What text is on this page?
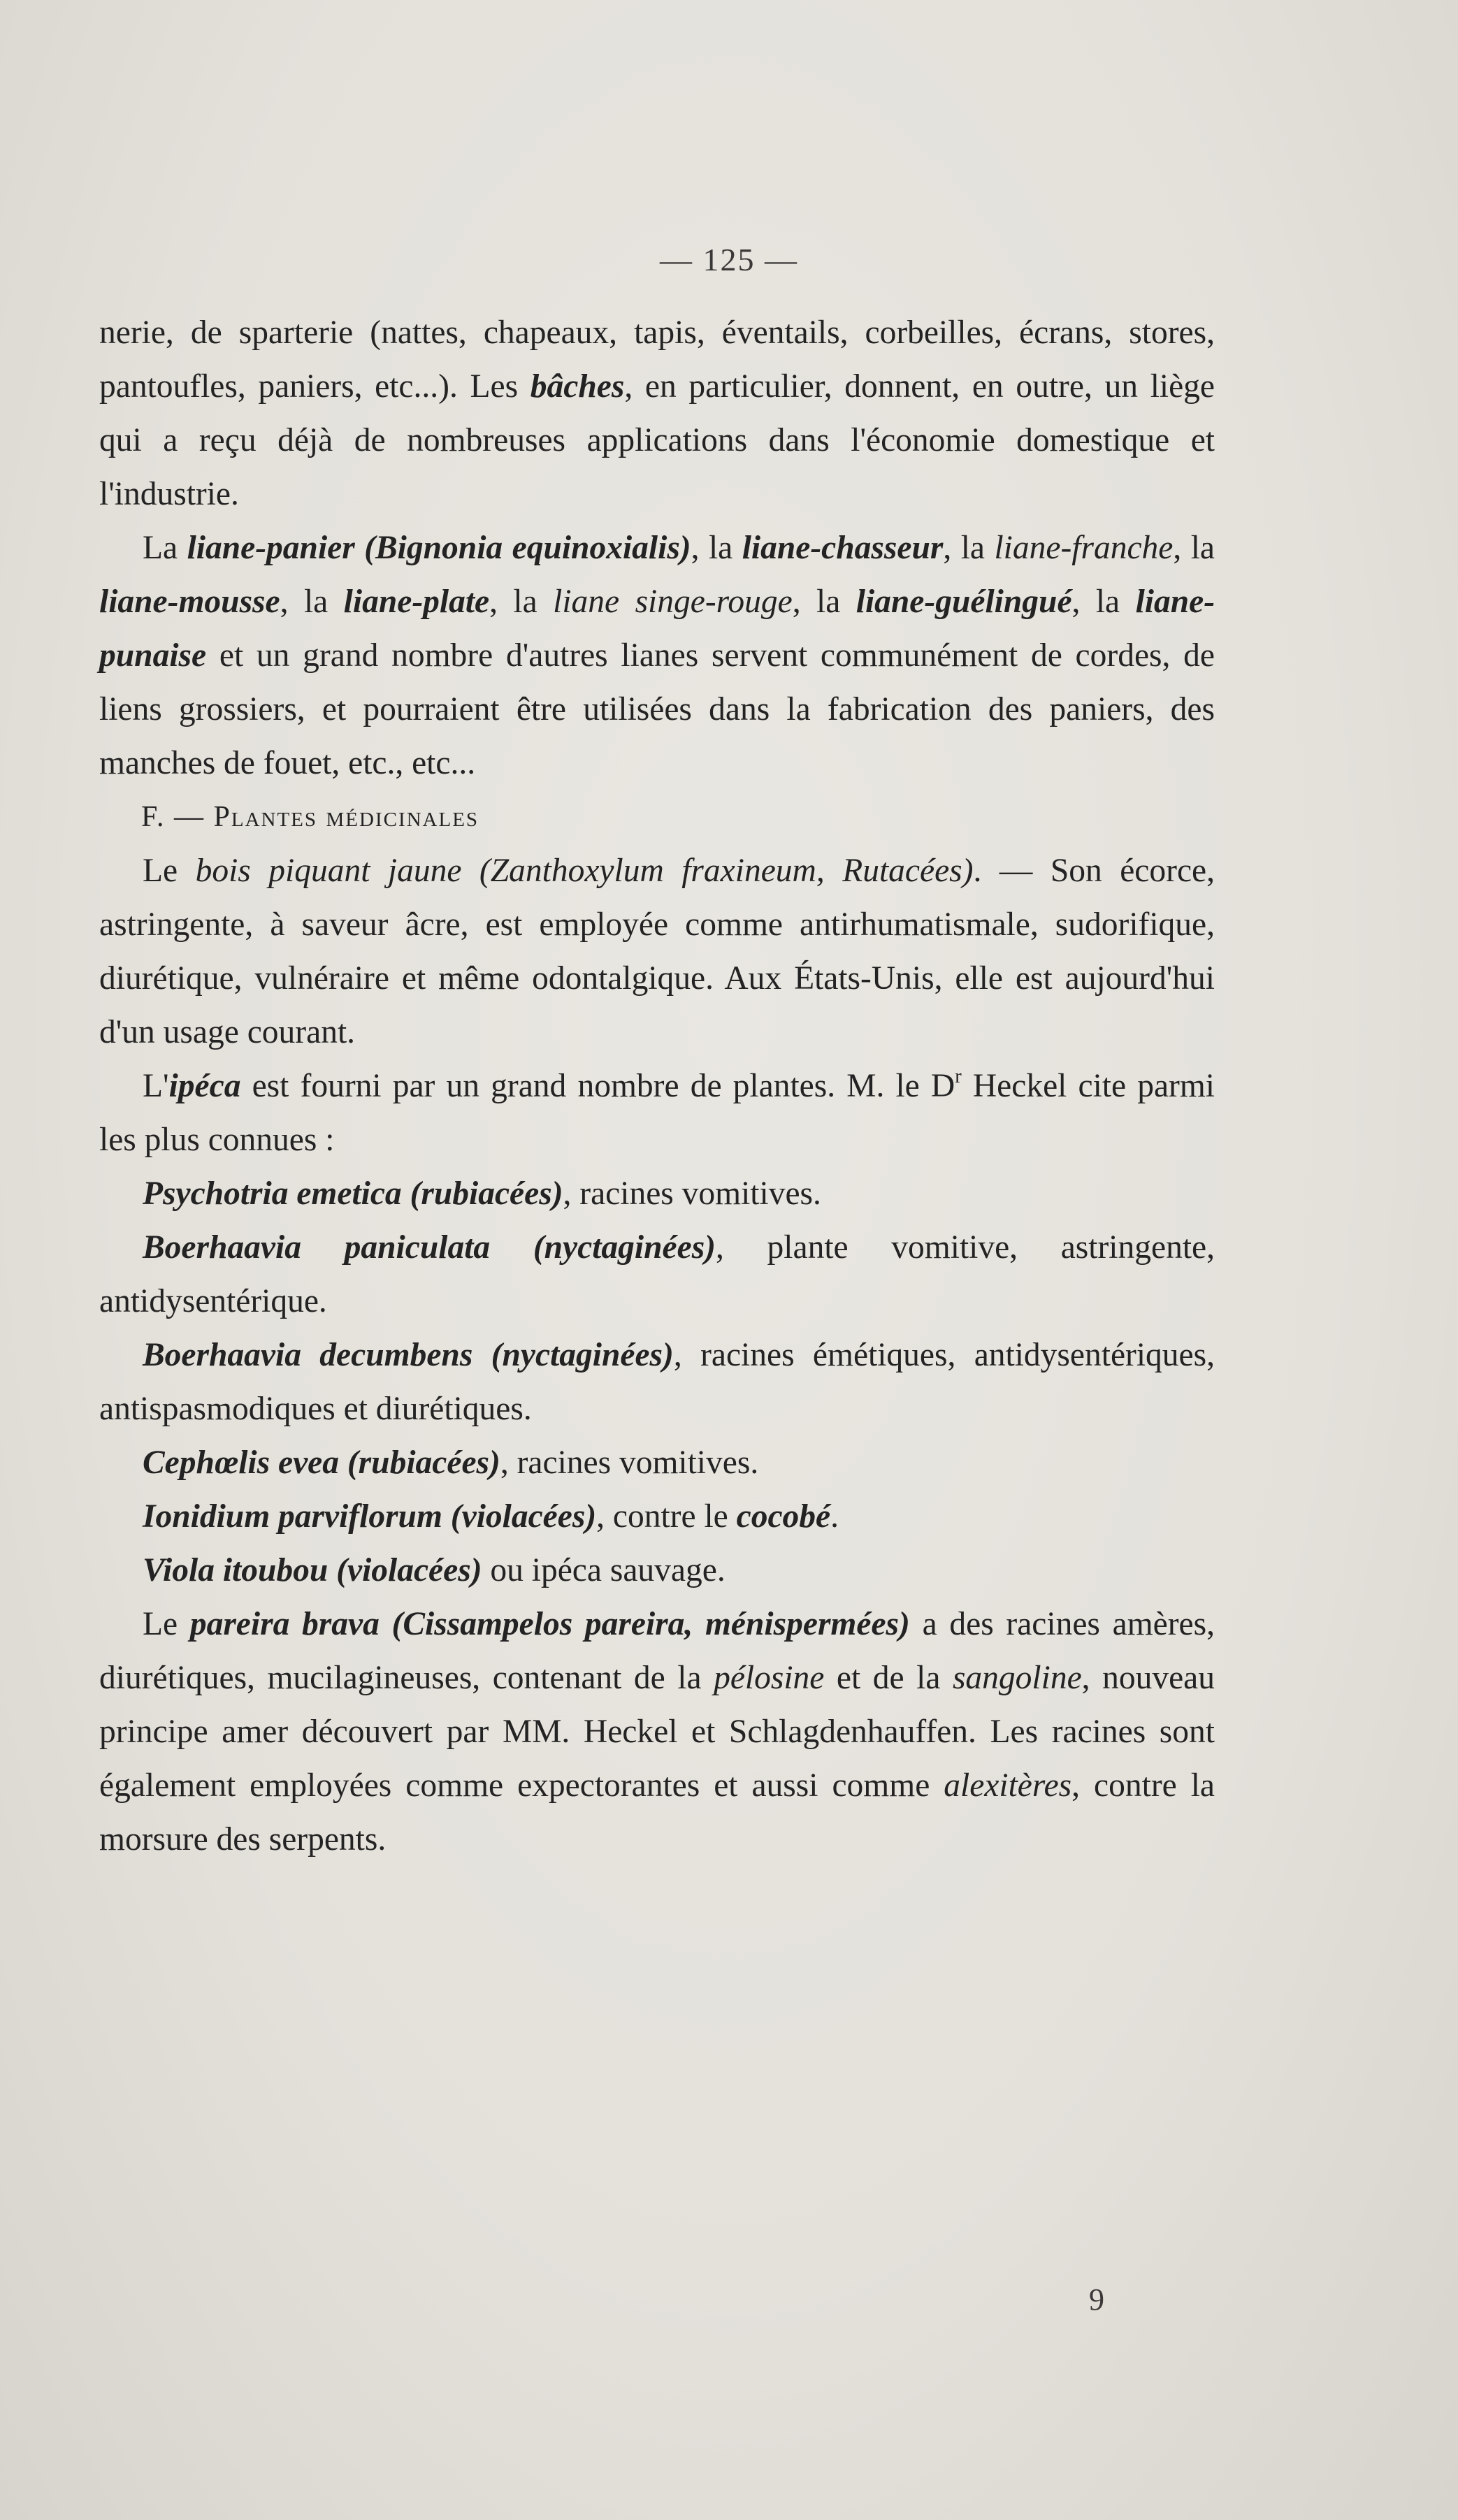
— 125 —

nerie, de sparterie (nattes, chapeaux, tapis, éventails, corbeilles, écrans, stores, pantoufles, paniers, etc...). Les bâches, en particulier, donnent, en outre, un liège qui a reçu déjà de nombreuses applications dans l'économie domestique et l'industrie.

La liane-panier (Bignonia equinoxialis), la liane-chasseur, la liane-franche, la liane-mousse, la liane-plate, la liane singe-rouge, la liane-guélingué, la liane-punaise et un grand nombre d'autres lianes servent communément de cordes, de liens grossiers, et pourraient être utilisées dans la fabrication des paniers, des manches de fouet, etc., etc...

F. — Plantes médicinales

Le bois piquant jaune (Zanthoxylum fraxineum, Rutacées). — Son écorce, astringente, à saveur âcre, est employée comme antirhumatismale, sudorifique, diurétique, vulnéraire et même odontalgique. Aux États-Unis, elle est aujourd'hui d'un usage courant.

L'ipéca est fourni par un grand nombre de plantes. M. le $D^r$ Heckel cite parmi les plus connues :

Psychotria emetica (rubiacées), racines vomitives.

Boerhaavia paniculata (nyctaginées), plante vomitive, astringente, antidysentérique.

Boerhaavia decumbens (nyctaginées), racines émétiques, antidysentériques, antispasmodiques et diurétiques.

Cephœlis evea (rubiacées), racines vomitives.

Ionidium parviflorum (violacées), contre le cocobé.

Viola itoubou (violacées) ou ipéca sauvage.

Le pareira brava (Cissampelos pareira, ménispermées) a des racines amères, diurétiques, mucilagineuses, contenant de la pélosine et de la sangoline, nouveau principe amer découvert par MM. Heckel et Schlagdenhauffen. Les racines sont également employées comme expectorantes et aussi comme alexitères, contre la morsure des serpents.

9
